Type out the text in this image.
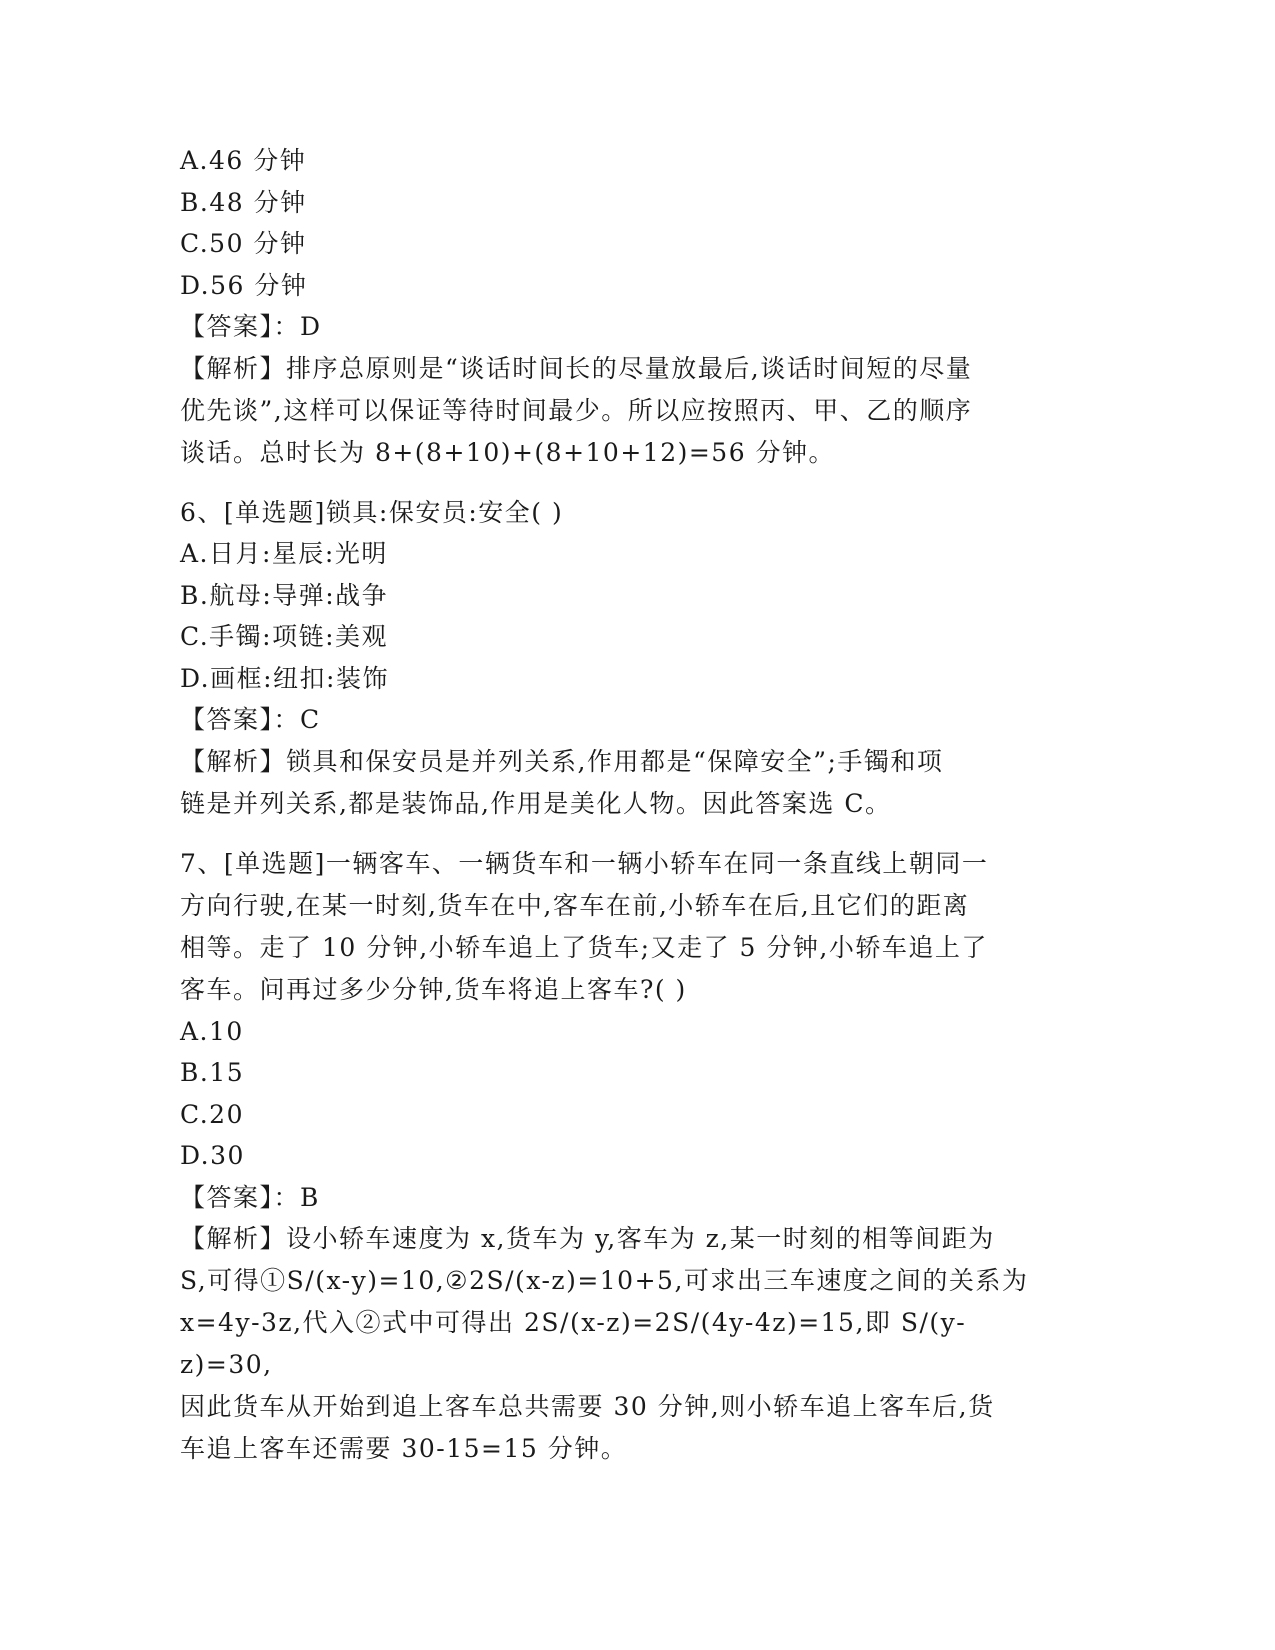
A.46 分钟
B.48 分钟
C.50 分钟
D.56 分钟
【答案】：D
【解析】排序总原则是“谈话时间长的尽量放最后,谈话时间短的尽量
优先谈”,这样可以保证等待时间最少。所以应按照丙、甲、乙的顺序
谈话。总时长为 8+(8+10)+(8+10+12)=56 分钟。
6、[单选题]锁具:保安员:安全( )
A.日月:星辰:光明
B.航母:导弹:战争
C.手镯:项链:美观
D.画框:纽扣:装饰
【答案】：C
【解析】锁具和保安员是并列关系,作用都是“保障安全”;手镯和项
链是并列关系,都是装饰品,作用是美化人物。因此答案选 C。
7、[单选题]一辆客车、一辆货车和一辆小轿车在同一条直线上朝同一
方向行驶,在某一时刻,货车在中,客车在前,小轿车在后,且它们的距离
相等。走了 10 分钟,小轿车追上了货车;又走了 5 分钟,小轿车追上了
客车。问再过多少分钟,货车将追上客车?( )
A.10
B.15
C.20
D.30
【答案】：B
【解析】设小轿车速度为 x,货车为 y,客车为 z,某一时刻的相等间距为
S,可得①S/(x-y)=10,②2S/(x-z)=10+5,可求出三车速度之间的关系为
x=4y-3z,代入②式中可得出 2S/(x-z)=2S/(4y-4z)=15,即 S/(y-z)=30,
因此货车从开始到追上客车总共需要 30 分钟,则小轿车追上客车后,货
车追上客车还需要 30-15=15 分钟。
